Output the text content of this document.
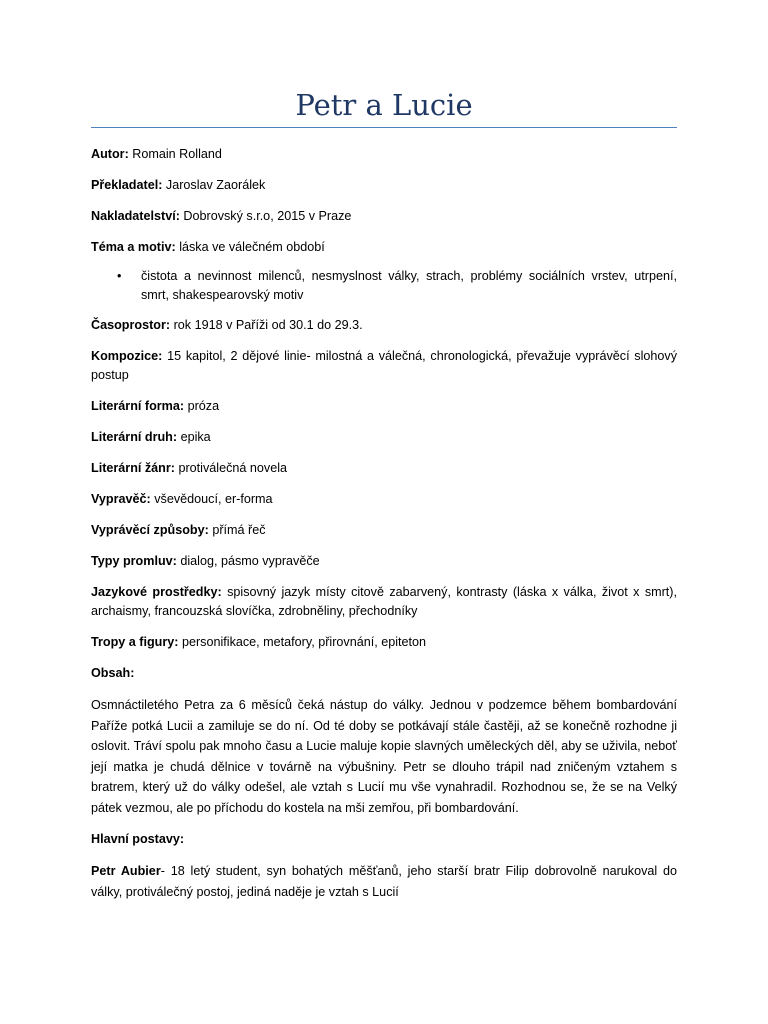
Petr a Lucie

Autor: Romain Rolland

Překladatel: Jaroslav Zaorálek

Nakladatelství: Dobrovský s.r.o, 2015 v Praze

Téma a motiv: láska ve válečném období

• čistota a nevinnost milenců, nesmyslnost války, strach, problémy sociálních vrstev, utrpení, smrt, shakespearovský motiv

Časoprostor: rok 1918 v Paříži od 30.1 do 29.3.

Kompozice: 15 kapitol, 2 dějové linie- milostná a válečná, chronologická, převažuje vyprávěcí slohový postup

Literární forma: próza

Literární druh: epika

Literární žánr: protiválečná novela

Vypravěč: vševědoucí, er-forma

Vyprávěcí způsoby: přímá řeč

Typy promluv: dialog, pásmo vypravěče

Jazykové prostředky: spisovný jazyk místy citově zabarvený, kontrasty (láska x válka, život x smrt), archaismy, francouzská slovíčka, zdrobněliny, přechodníky

Tropy a figury: personifikace, metafory, přirovnání, epiteton

Obsah:

Osmnáctiletého Petra za 6 měsíců čeká nástup do války. Jednou v podzemce během bombardování Paříže potká Lucii a zamiluje se do ní. Od té doby se potkávají stále častěji, až se konečně rozhodne ji oslovit. Tráví spolu pak mnoho času a Lucie maluje kopie slavných uměleckých děl, aby se uživila, neboť její matka je chudá dělnice v továrně na výbušniny. Petr se dlouho trápil nad zničeným vztahem s bratrem, který už do války odešel, ale vztah s Lucií mu vše vynahradil. Rozhodnou se, že se na Velký pátek vezmou, ale po příchodu do kostela na mši zemřou, při bombardování.

Hlavní postavy:

Petr Aubier- 18 letý student, syn bohatých měšťanů, jeho starší bratr Filip dobrovolně narukoval do války, protiválečný postoj, jediná naděje je vztah s Lucií
